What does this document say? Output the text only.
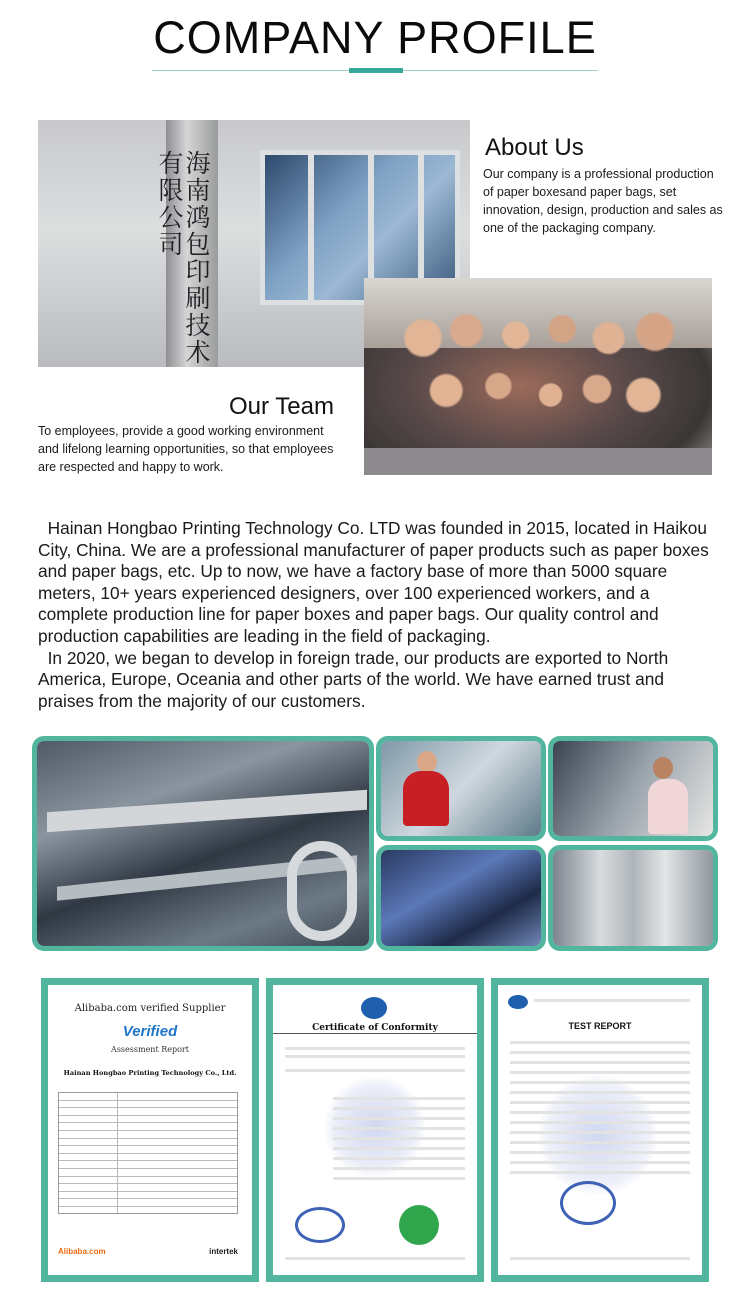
COMPANY PROFILE
海南鸿包印刷技术有限公司
About Us
Our company is a professional production of paper boxesand paper bags, set innovation, design, production and sales as one of the packaging company.
Our Team
To employees, provide a good working environment and lifelong learning opportunities, so that employees are respected and happy to work.

Hainan Hongbao Printing Technology Co. LTD was founded in 2015, located in Haikou City, China. We are a professional manufacturer of paper products such as paper boxes and paper bags, etc. Up to now, we have a factory base of more than 5000 square meters, 10+ years experienced designers, over 100 experienced workers, and a complete production line for paper boxes and paper bags. Our quality control and production capabilities are leading in the field of packaging.

In 2020, we began to develop in foreign trade, our products are exported to North America, Europe, Oceania and other parts of the world. We have earned trust and praises from the majority of our customers.

Alibaba.com verified Supplier
Verified
Assessment Report
Hainan Hongbao Printing Technology Co., Ltd.
Alibaba.com	intertek
Certificate of Conformity	TEST REPORT
